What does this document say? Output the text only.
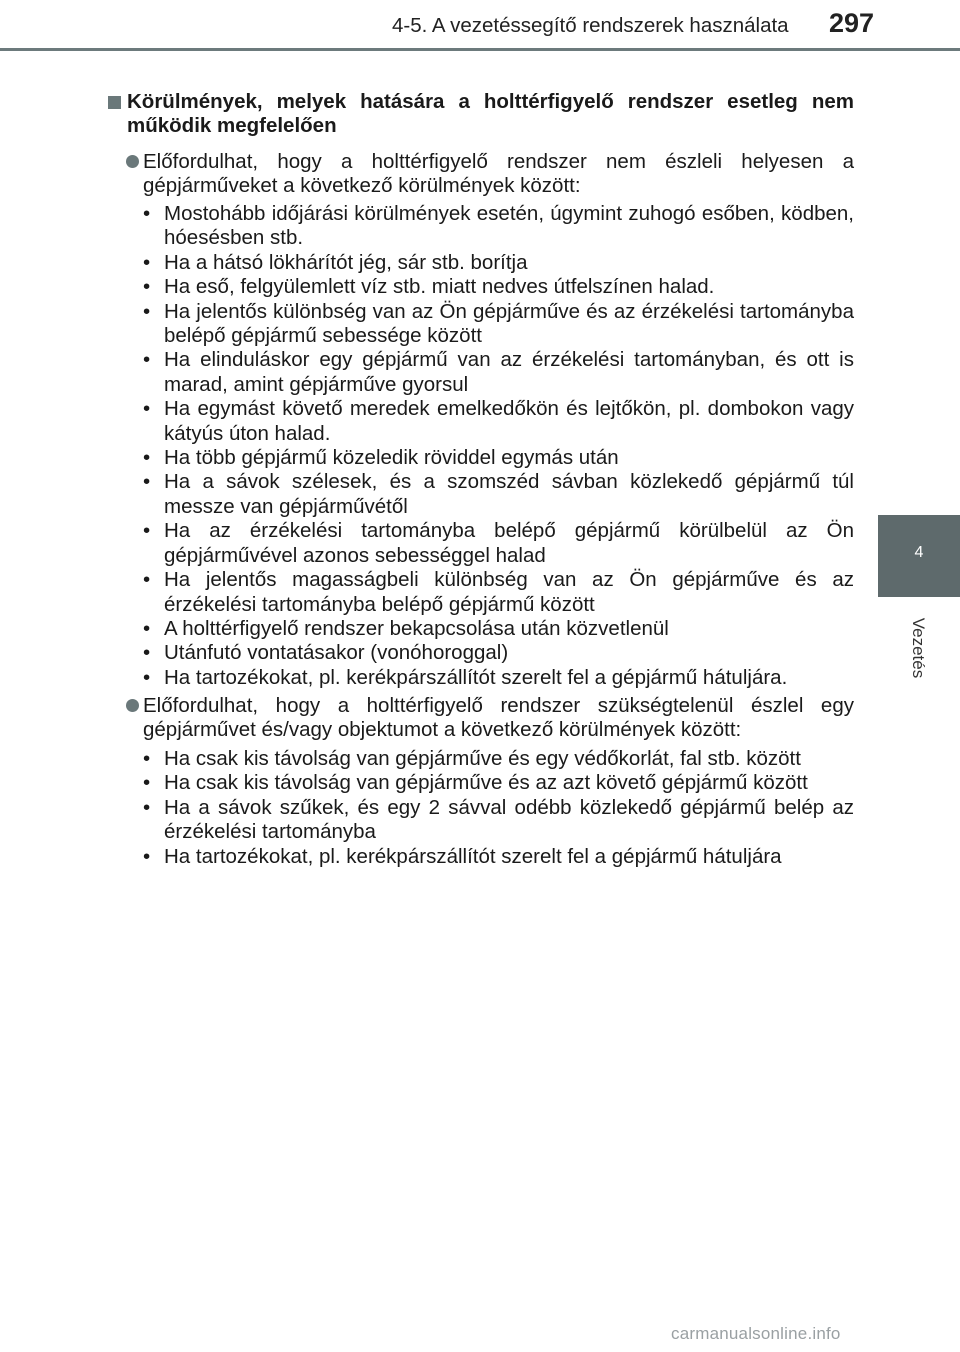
4-5. A vezetéssegítő rendszerek használata 297
4
Vezetés
Körülmények, melyek hatására a holttérfigyelő rendszer esetleg nem működik megfelelően
Előfordulhat, hogy a holttérfigyelő rendszer nem észleli helyesen a gépjárműveket a következő körülmények között:
• Mostohább időjárási körülmények esetén, úgymint zuhogó esőben, ködben, hóesésben stb.
• Ha a hátsó lökhárítót jég, sár stb. borítja
• Ha eső, felgyülemlett víz stb. miatt nedves útfelszínen halad.
• Ha jelentős különbség van az Ön gépjárműve és az érzékelési tartományba belépő gépjármű sebessége között
• Ha elinduláskor egy gépjármű van az érzékelési tartományban, és ott is marad, amint gépjárműve gyorsul
• Ha egymást követő meredek emelkedőkön és lejtőkön, pl. dombokon vagy kátyús úton halad.
• Ha több gépjármű közeledik röviddel egymás után
• Ha a sávok szélesek, és a szomszéd sávban közlekedő gépjármű túl messze van gépjárművétől
• Ha az érzékelési tartományba belépő gépjármű körülbelül az Ön gépjárművével azonos sebességgel halad
• Ha jelentős magasságbeli különbség van az Ön gépjárműve és az érzékelési tartományba belépő gépjármű között
• A holttérfigyelő rendszer bekapcsolása után közvetlenül
• Utánfutó vontatásakor (vonóhoroggal)
• Ha tartozékokat, pl. kerékpárszállítót szerelt fel a gépjármű hátuljára.
Előfordulhat, hogy a holttérfigyelő rendszer szükségtelenül észlel egy gépjárművet és/vagy objektumot a következő körülmények között:
• Ha csak kis távolság van gépjárműve és egy védőkorlát, fal stb. között
• Ha csak kis távolság van gépjárműve és az azt követő gépjármű között
• Ha a sávok szűkek, és egy 2 sávval odébb közlekedő gépjármű belép az érzékelési tartományba
• Ha tartozékokat, pl. kerékpárszállítót szerelt fel a gépjármű hátuljára
carmanualsonline.info
